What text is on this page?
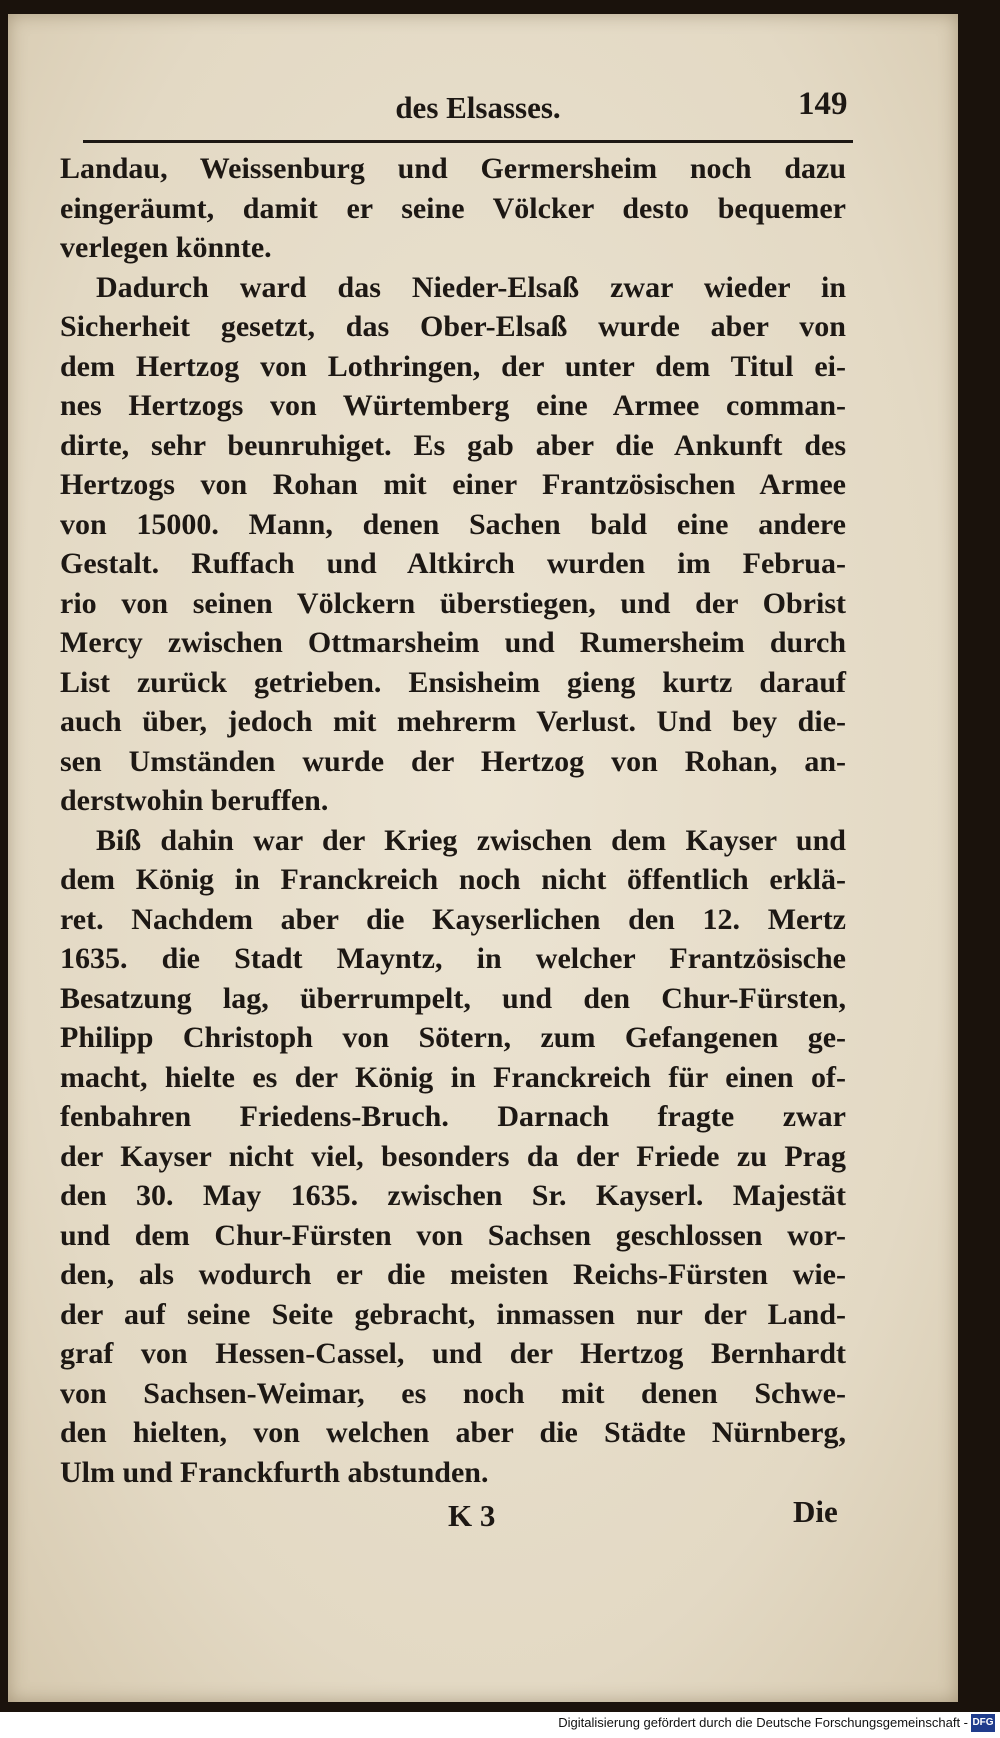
des Elsasses.	149
Landau, Weissenburg und Germersheim noch dazu
eingeräumt, damit er seine Völcker desto bequemer
verlegen könnte.
Dadurch ward das Nieder-Elsaß zwar wieder in
Sicherheit gesetzt, das Ober-Elsaß wurde aber von
dem Hertzog von Lothringen, der unter dem Titul ei-
nes Hertzogs von Würtemberg eine Armee comman-
dirte, sehr beunruhiget. Es gab aber die Ankunft des
Hertzogs von Rohan mit einer Frantzösischen Armee
von 15000. Mann, denen Sachen bald eine andere
Gestalt. Ruffach und Altkirch wurden im Februa-
rio von seinen Völckern überstiegen, und der Obrist
Mercy zwischen Ottmarsheim und Rumersheim durch
List zurück getrieben. Ensisheim gieng kurtz darauf
auch über, jedoch mit mehrerm Verlust. Und bey die-
sen Umständen wurde der Hertzog von Rohan, an-
derstwohin beruffen.
Biß dahin war der Krieg zwischen dem Kayser und
dem König in Franckreich noch nicht öffentlich erklä-
ret. Nachdem aber die Kayserlichen den 12. Mertz
1635. die Stadt Mayntz, in welcher Frantzösische
Besatzung lag, überrumpelt, und den Chur-Fürsten,
Philipp Christoph von Sötern, zum Gefangenen ge-
macht, hielte es der König in Franckreich für einen of-
fenbahren Friedens-Bruch. Darnach fragte zwar
der Kayser nicht viel, besonders da der Friede zu Prag
den 30. May 1635. zwischen Sr. Kayserl. Majestät
und dem Chur-Fürsten von Sachsen geschlossen wor-
den, als wodurch er die meisten Reichs-Fürsten wie-
der auf seine Seite gebracht, inmassen nur der Land-
graf von Hessen-Cassel, und der Hertzog Bernhardt
von Sachsen-Weimar, es noch mit denen Schwe-
den hielten, von welchen aber die Städte Nürnberg,
Ulm und Franckfurth abstunden.
K 3	Die
Digitalisierung gefördert durch die Deutsche Forschungsgemeinschaft - DFG
